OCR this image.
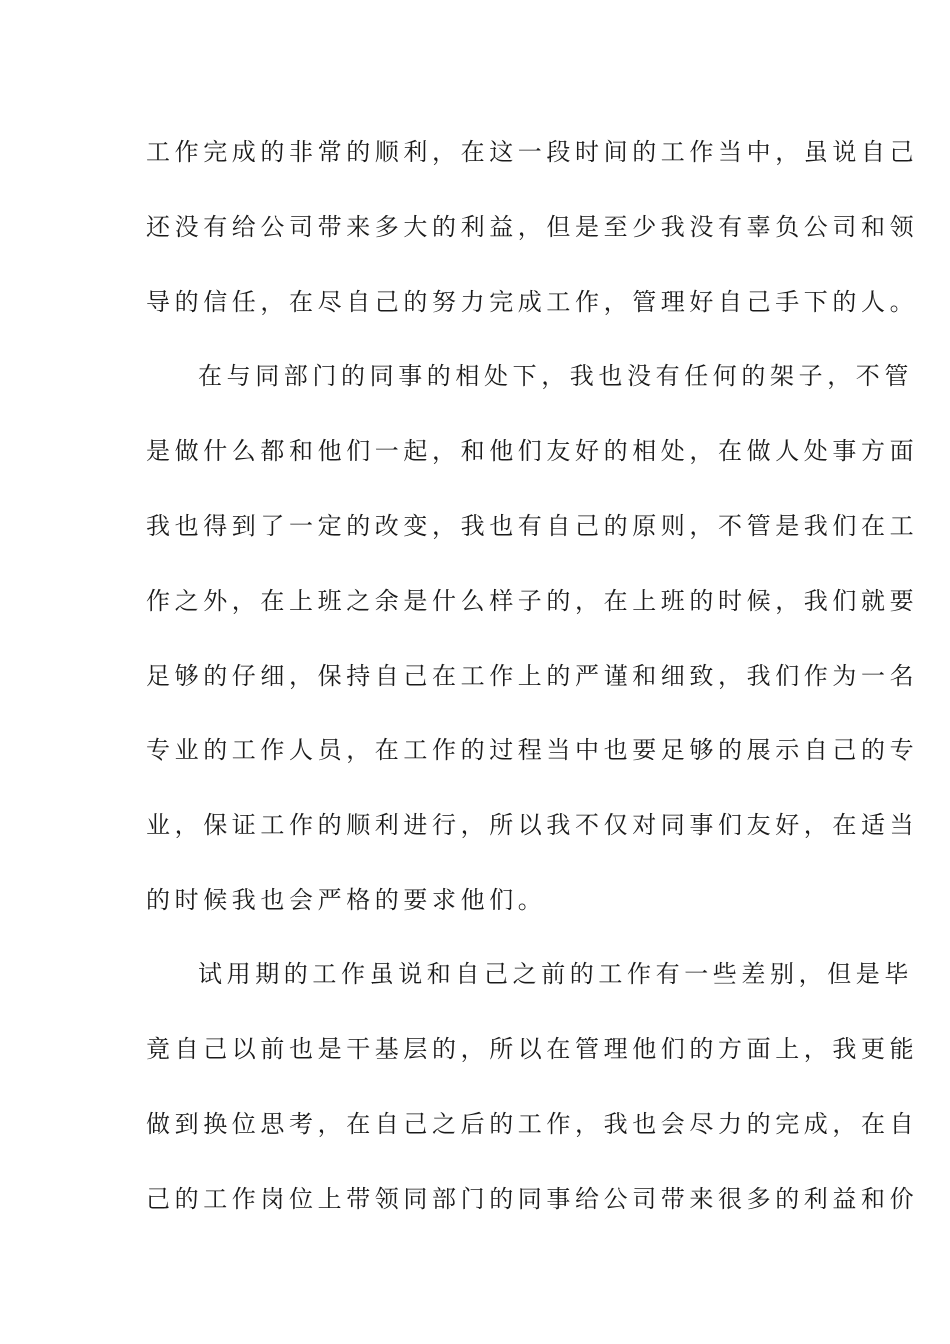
工作完成的非常的顺利，在这一段时间的工作当中，虽说自己
还没有给公司带来多大的利益，但是至少我没有辜负公司和领
导的信任，在尽自己的努力完成工作，管理好自己手下的人。
在与同部门的同事的相处下，我也没有任何的架子，不管
是做什么都和他们一起，和他们友好的相处，在做人处事方面
我也得到了一定的改变，我也有自己的原则，不管是我们在工
作之外，在上班之余是什么样子的，在上班的时候，我们就要
足够的仔细，保持自己在工作上的严谨和细致，我们作为一名
专业的工作人员，在工作的过程当中也要足够的展示自己的专
业，保证工作的顺利进行，所以我不仅对同事们友好，在适当
的时候我也会严格的要求他们。
试用期的工作虽说和自己之前的工作有一些差别，但是毕
竟自己以前也是干基层的，所以在管理他们的方面上，我更能
做到换位思考，在自己之后的工作，我也会尽力的完成，在自
己的工作岗位上带领同部门的同事给公司带来很多的利益和价
